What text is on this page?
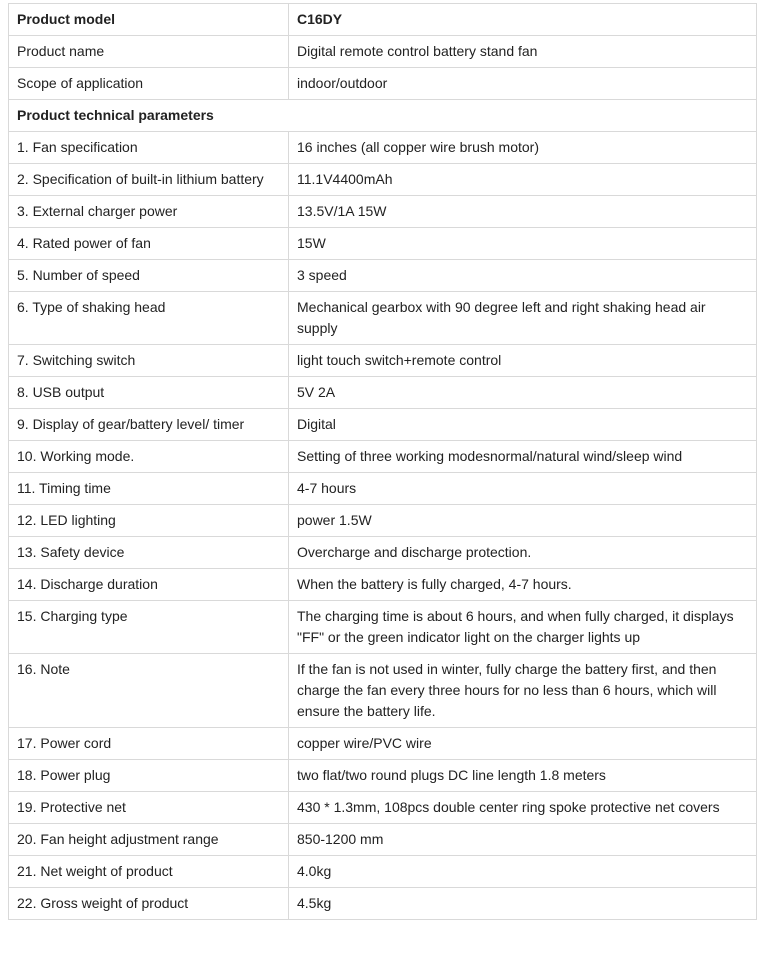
Product model	C16DY
Product name	Digital remote control battery stand fan
Scope of application	indoor/outdoor
Product technical parameters	
1. Fan specification	16 inches (all copper wire brush motor)
2. Specification of built-in lithium battery	11.1V4400mAh
3. External charger power	13.5V/1A 15W
4. Rated power of fan	15W
5. Number of speed	3 speed
6. Type of shaking head	Mechanical gearbox with 90 degree left and right shaking head air supply
7. Switching switch	light touch switch+remote control
8. USB output	5V 2A
9. Display of gear/battery level/ timer	Digital
10. Working mode.	Setting of three working modesnormal/natural wind/sleep wind
11. Timing time	4-7 hours
12. LED lighting	power 1.5W
13. Safety device	Overcharge and discharge protection.
14. Discharge duration	When the battery is fully charged, 4-7 hours.
15. Charging type	The charging time is about 6 hours, and when fully charged, it displays "FF" or the green indicator light on the charger lights up
16. Note	If the fan is not used in winter, fully charge the battery first, and then charge the fan every three hours for no less than 6 hours, which will ensure the battery life.
17. Power cord	copper wire/PVC wire
18. Power plug	two flat/two round plugs DC line length 1.8 meters
19. Protective net	430 * 1.3mm, 108pcs double center ring spoke protective net covers
20. Fan height adjustment range	850-1200 mm
21. Net weight of product	4.0kg
22. Gross weight of product	4.5kg
